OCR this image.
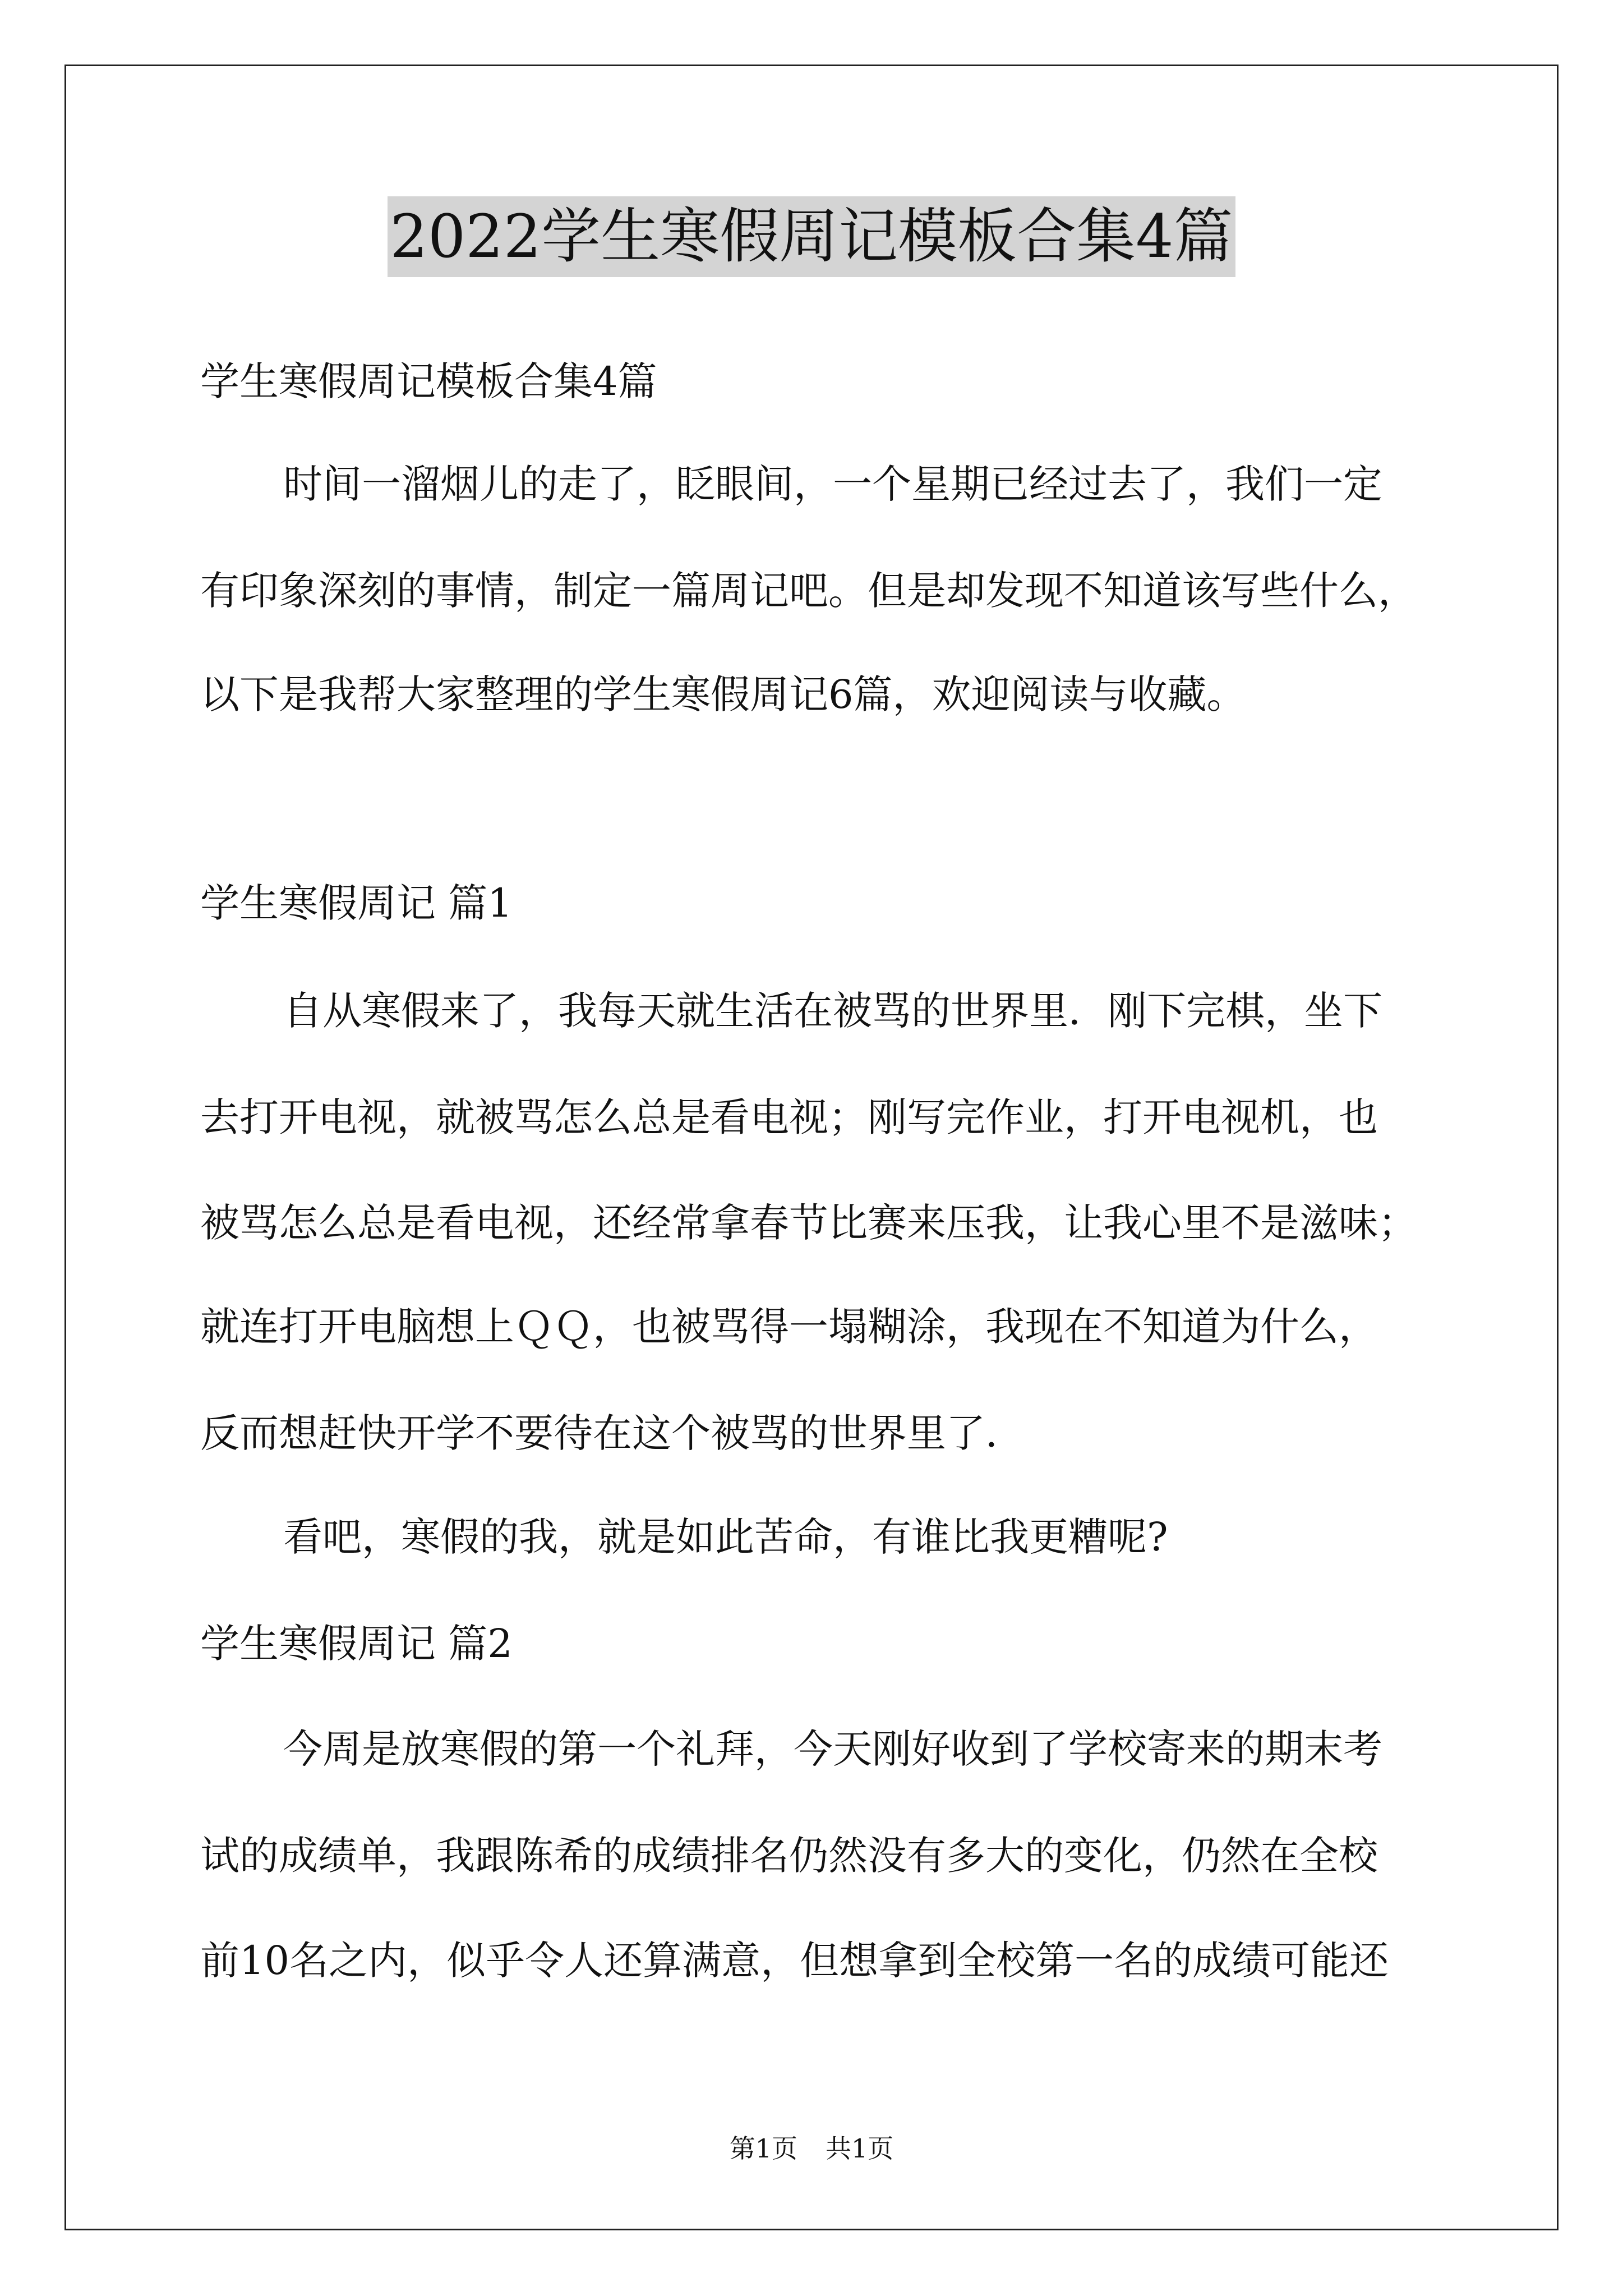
2022学生寒假周记模板合集4篇
学生寒假周记模板合集4篇
时间一溜烟儿的走了，眨眼间，一个星期已经过去了，我们一定
有印象深刻的事情，制定一篇周记吧。但是却发现不知道该写些什么，
以下是我帮大家整理的学生寒假周记6篇，欢迎阅读与收藏。
学生寒假周记 篇1
自从寒假来了，我每天就生活在被骂的世界里．刚下完棋，坐下
去打开电视，就被骂怎么总是看电视；刚写完作业，打开电视机，也
被骂怎么总是看电视，还经常拿春节比赛来压我，让我心里不是滋味；
就连打开电脑想上ＱＱ，也被骂得一塌糊涂，我现在不知道为什么，
反而想赶快开学不要待在这个被骂的世界里了．
看吧，寒假的我，就是如此苦命，有谁比我更糟呢?
学生寒假周记 篇2
今周是放寒假的第一个礼拜，今天刚好收到了学校寄来的期末考
试的成绩单，我跟陈希的成绩排名仍然没有多大的变化，仍然在全校
前10名之内，似乎令人还算满意，但想拿到全校第一名的成绩可能还
第1页 共1页
